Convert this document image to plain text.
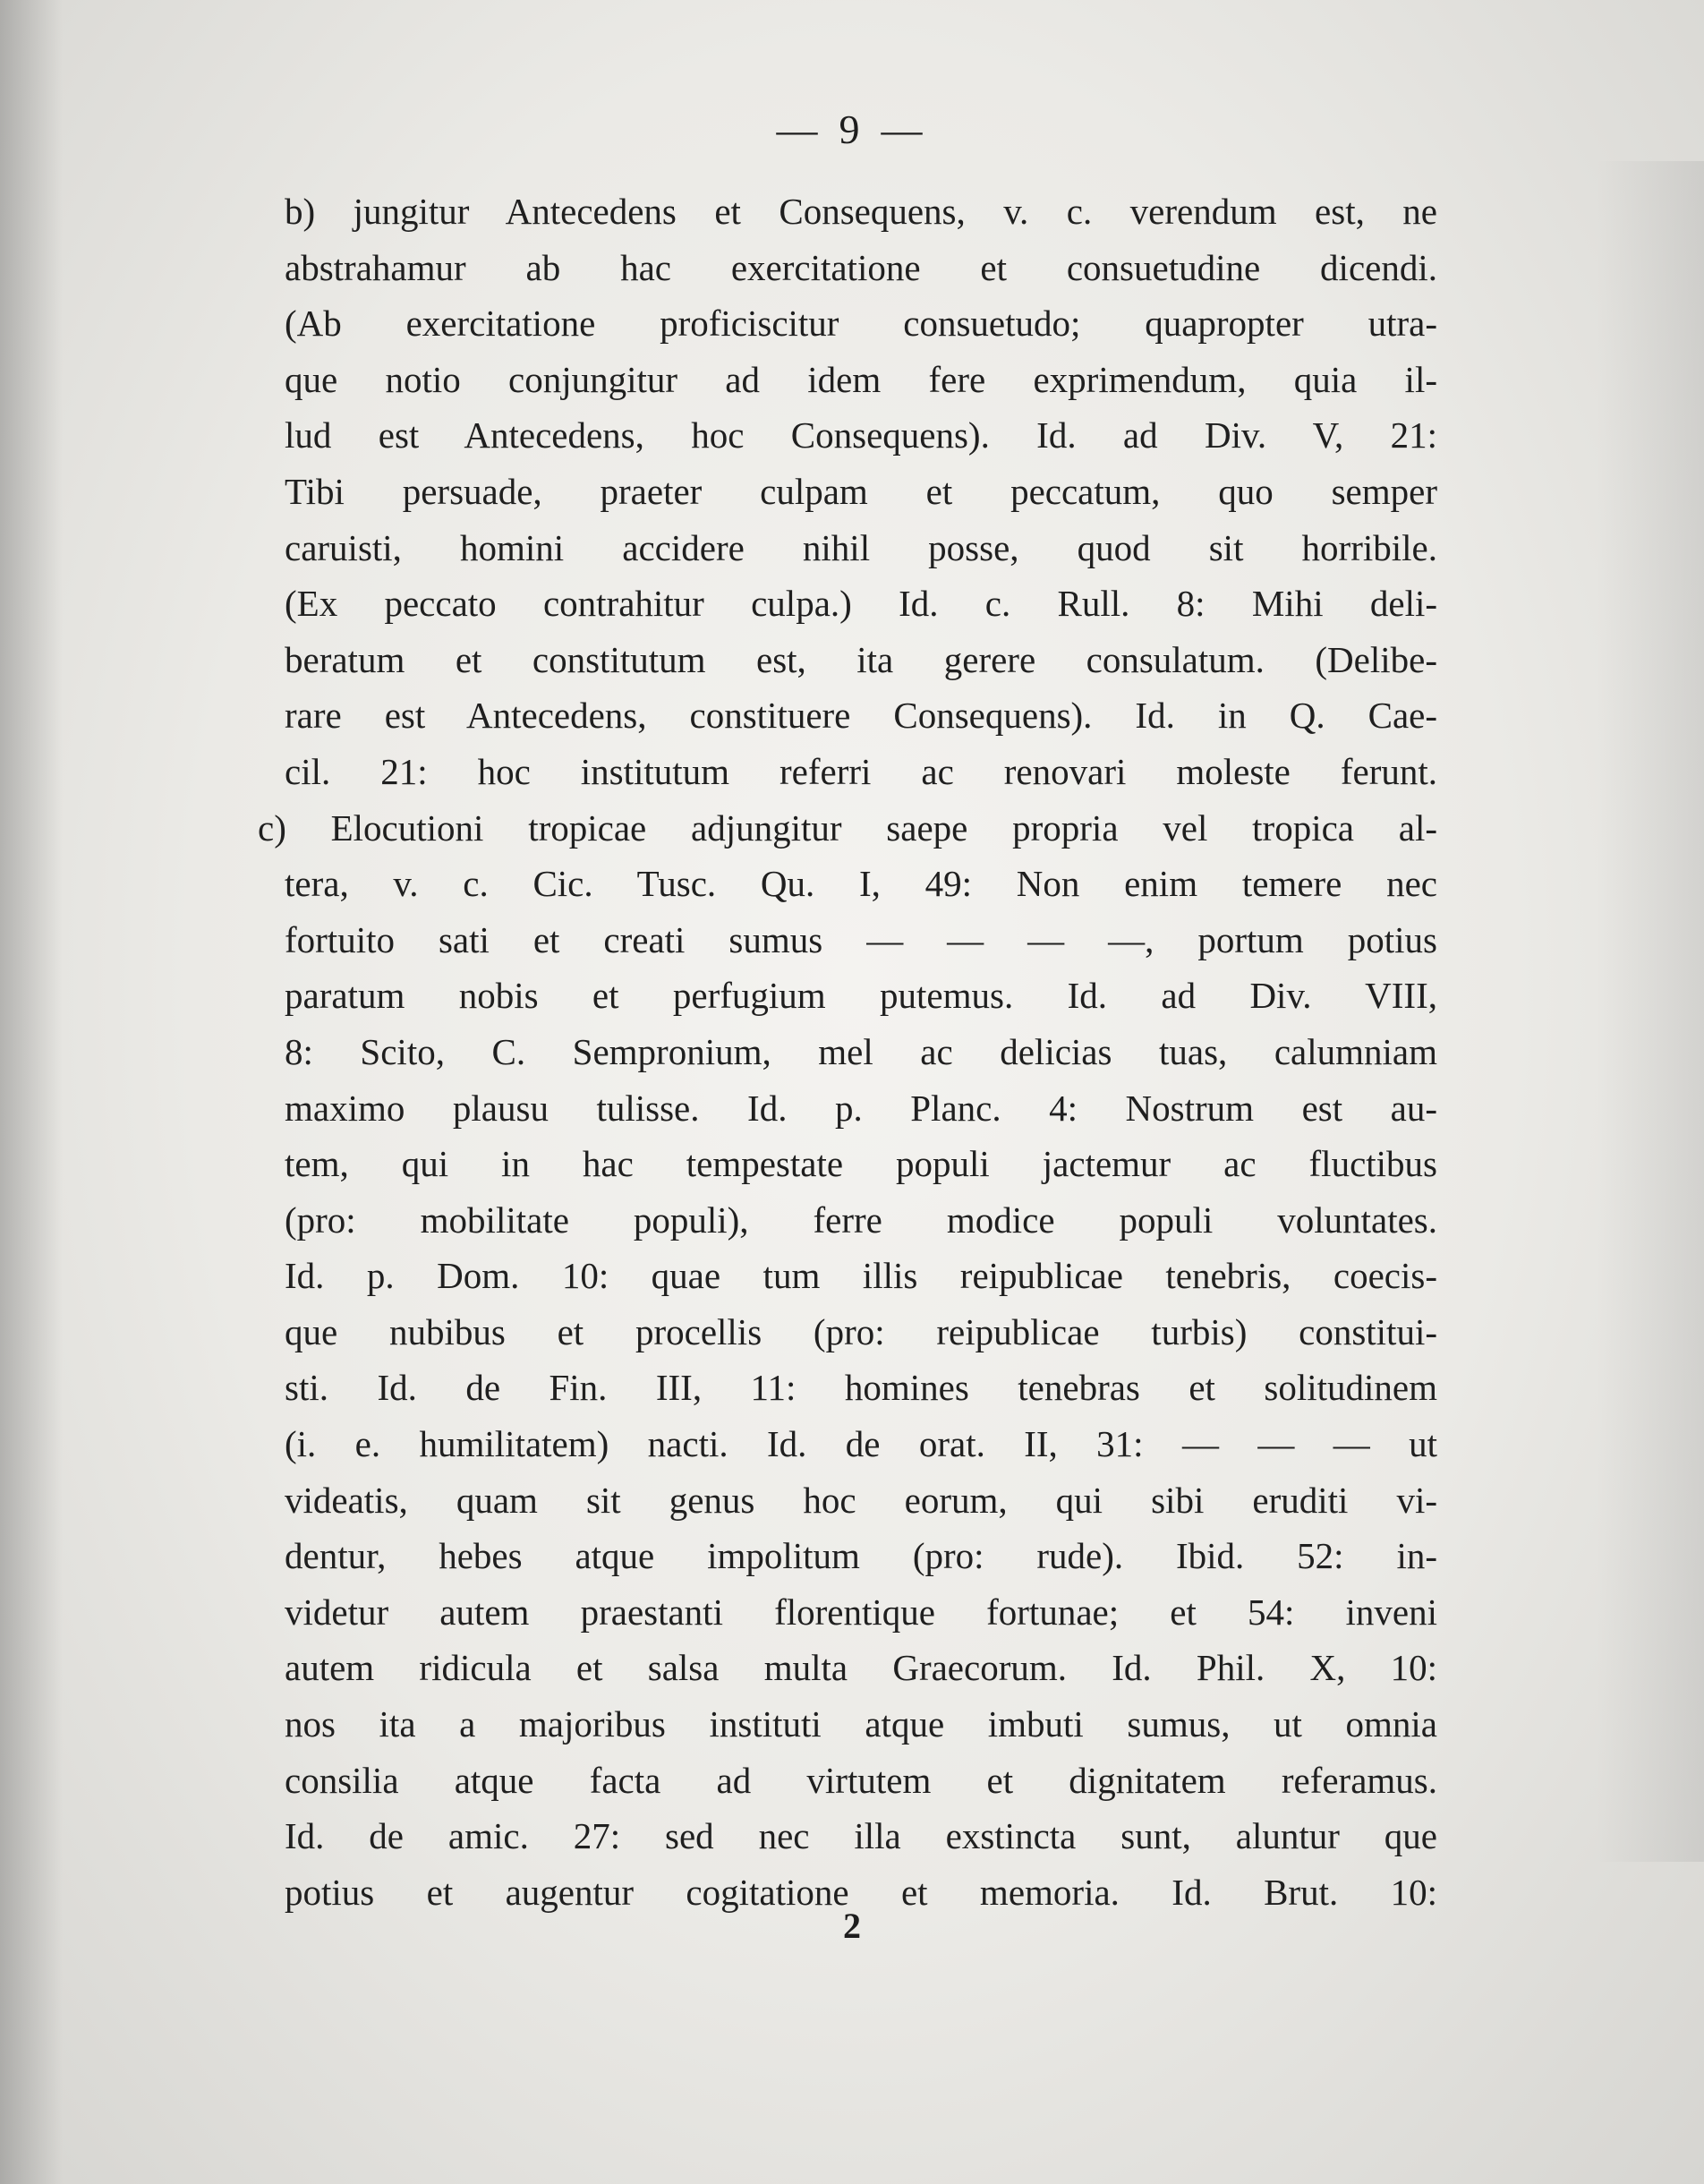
— 9 —
b) jungitur Antecedens et Consequens, v. c. verendum est, ne
abstrahamur ab hac exercitatione et consuetudine dicendi.
(Ab exercitatione proficiscitur consuetudo; quapropter utra-
que notio conjungitur ad idem fere exprimendum, quia il-
lud est Antecedens, hoc Consequens). Id. ad Div. V, 21:
Tibi persuade, praeter culpam et peccatum, quo semper
caruisti, homini accidere nihil posse, quod sit horribile.
(Ex peccato contrahitur culpa.) Id. c. Rull. 8: Mihi deli-
beratum et constitutum est, ita gerere consulatum. (Delibe-
rare est Antecedens, constituere Consequens). Id. in Q. Cae-
cil. 21: hoc institutum referri ac renovari moleste ferunt.
c) Elocutioni tropicae adjungitur saepe propria vel tropica al-
tera, v. c. Cic. Tusc. Qu. I, 49: Non enim temere nec
fortuito sati et creati sumus — — — —, portum potius
paratum nobis et perfugium putemus. Id. ad Div. VIII,
8: Scito, C. Sempronium, mel ac delicias tuas, calumniam
maximo plausu tulisse. Id. p. Planc. 4: Nostrum est au-
tem, qui in hac tempestate populi jactemur ac fluctibus
(pro: mobilitate populi), ferre modice populi voluntates.
Id. p. Dom. 10: quae tum illis reipublicae tenebris, coecis-
que nubibus et procellis (pro: reipublicae turbis) constitui-
sti. Id. de Fin. III, 11: homines tenebras et solitudinem
(i. e. humilitatem) nacti. Id. de orat. II, 31: — — — ut
videatis, quam sit genus hoc eorum, qui sibi eruditi vi-
dentur, hebes atque impolitum (pro: rude). Ibid. 52: in-
videtur autem praestanti florentique fortunae; et 54: inveni
autem ridicula et salsa multa Graecorum. Id. Phil. X, 10:
nos ita a majoribus instituti atque imbuti sumus, ut omnia
consilia atque facta ad virtutem et dignitatem referamus.
Id. de amic. 27: sed nec illa exstincta sunt, aluntur que
potius et augentur cogitatione et memoria. Id. Brut. 10:
2
